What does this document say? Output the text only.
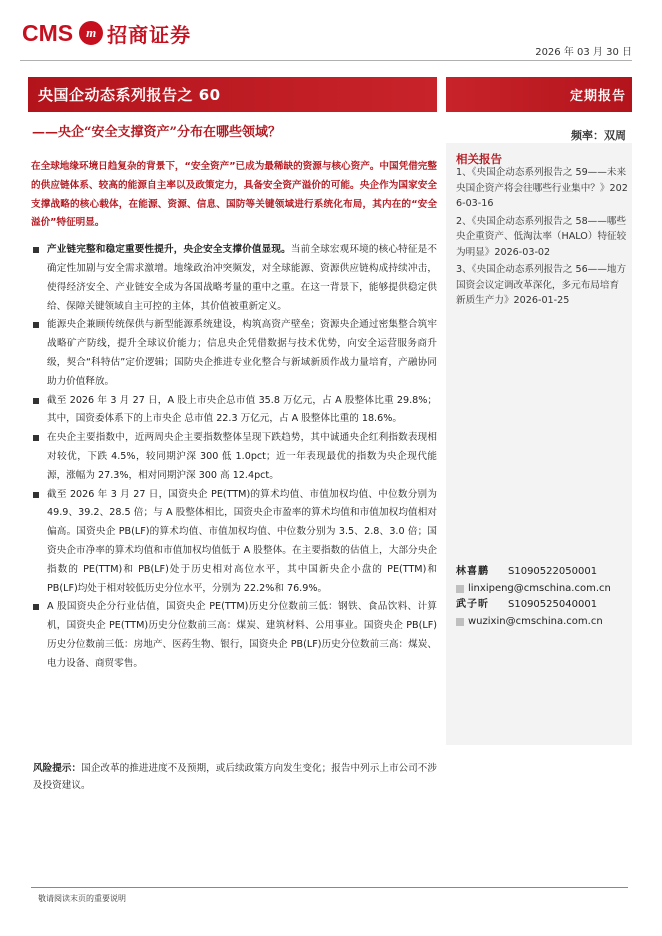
CMS m 招商证券
2026 年 03 月 30 日
央国企动态系列报告之 60	定期报告
——央企“安全支撑资产”分布在哪些领域？	频率：双周

在全球地缘环境日趋复杂的背景下，“安全资产”已成为最稀缺的资源与核心资产。中国凭借完整的供应链体系、较高的能源自主率以及政策定力，具备安全资产溢价的可能。央企作为国家安全支撑战略的核心载体，在能源、资源、信息、国防等关键领域进行系统化布局，其内在的“安全溢价”特征明显。

产业链完整和稳定重要性提升，央企安全支撑价值显现。当前全球宏观环境的核心特征是不确定性加剧与安全需求激增。地缘政治冲突频发，对全球能源、资源供应链构成持续冲击，使得经济安全、产业链安全成为各国战略考量的重中之重。在这一背景下，能够提供稳定供给、保障关键领域自主可控的主体，其价值被重新定义。
能源央企兼顾传统保供与新型能源系统建设，构筑高资产壁垒；资源央企通过密集整合筑牢战略矿产防线，提升全球议价能力；信息央企凭借数据与技术优势，向安全运营服务商升级，契合“科特估”定价逻辑；国防央企推进专业化整合与新域新质作战力量培育，产融协同助力价值释放。
截至 2026 年 3 月 27 日，A 股上市央企总市值 35.8 万亿元，占 A 股整体比重 29.8%；其中，国资委体系下的上市央企 总市值 22.3 万亿元，占 A 股整体比重的 18.6%。
在央企主要指数中，近两周央企主要指数整体呈现下跌趋势，其中诚通央企红利指数表现相对较优，下跌 4.5%，较同期沪深 300 低 1.0pct；近一年表现最优的指数为央企现代能源，涨幅为 27.3%，相对同期沪深 300 高 12.4pct。
截至 2026 年 3 月 27 日，国资央企 PE(TTM)的算术均值、市值加权均值、中位数分别为 49.9、39.2、28.5 倍；与 A 股整体相比，国资央企市盈率的算术均值和市值加权均值相对偏高。国资央企 PB(LF)的算术均值、市值加权均值、中位数分别为 3.5、2.8、3.0 倍；国资央企市净率的算术均值和市值加权均值低于 A 股整体。在主要指数的估值上，大部分央企指数的 PE(TTM)和 PB(LF)处于历史相对高位水平，其中国新央企小盘的 PE(TTM)和 PB(LF)均处于相对较低历史分位水平，分别为 22.2%和 76.9%。
A 股国资央企分行业估值，国资央企 PE(TTM)历史分位数前三低：钢铁、食品饮料、计算机，国资央企 PE(TTM)历史分位数前三高：煤炭、建筑材料、公用事业。国资央企 PB(LF)历史分位数前三低：房地产、医药生物、银行，国资央企 PB(LF)历史分位数前三高：煤炭、电力设备、商贸零售。
相关报告
1、《央国企动态系列报告之 59——未来央国企资产将会往哪些行业集中？》2026-03-16
2、《央国企动态系列报告之 58——哪些央企重资产、低淘汰率（HALO）特征较为明显》2026-03-02
3、《央国企动态系列报告之 56——地方国资会议定调改革深化，多元布局培育新质生产力》2026-01-25
林喜鹏	S1090522050001
linxipeng@cmschina.com.cn
武子昕	S1090525040001
wuzixin@cmschina.com.cn
风险提示：国企改革的推进进度不及预期，或后续政策方向发生变化；报告中列示上市公司不涉及投资建议。
敬请阅读末页的重要说明
